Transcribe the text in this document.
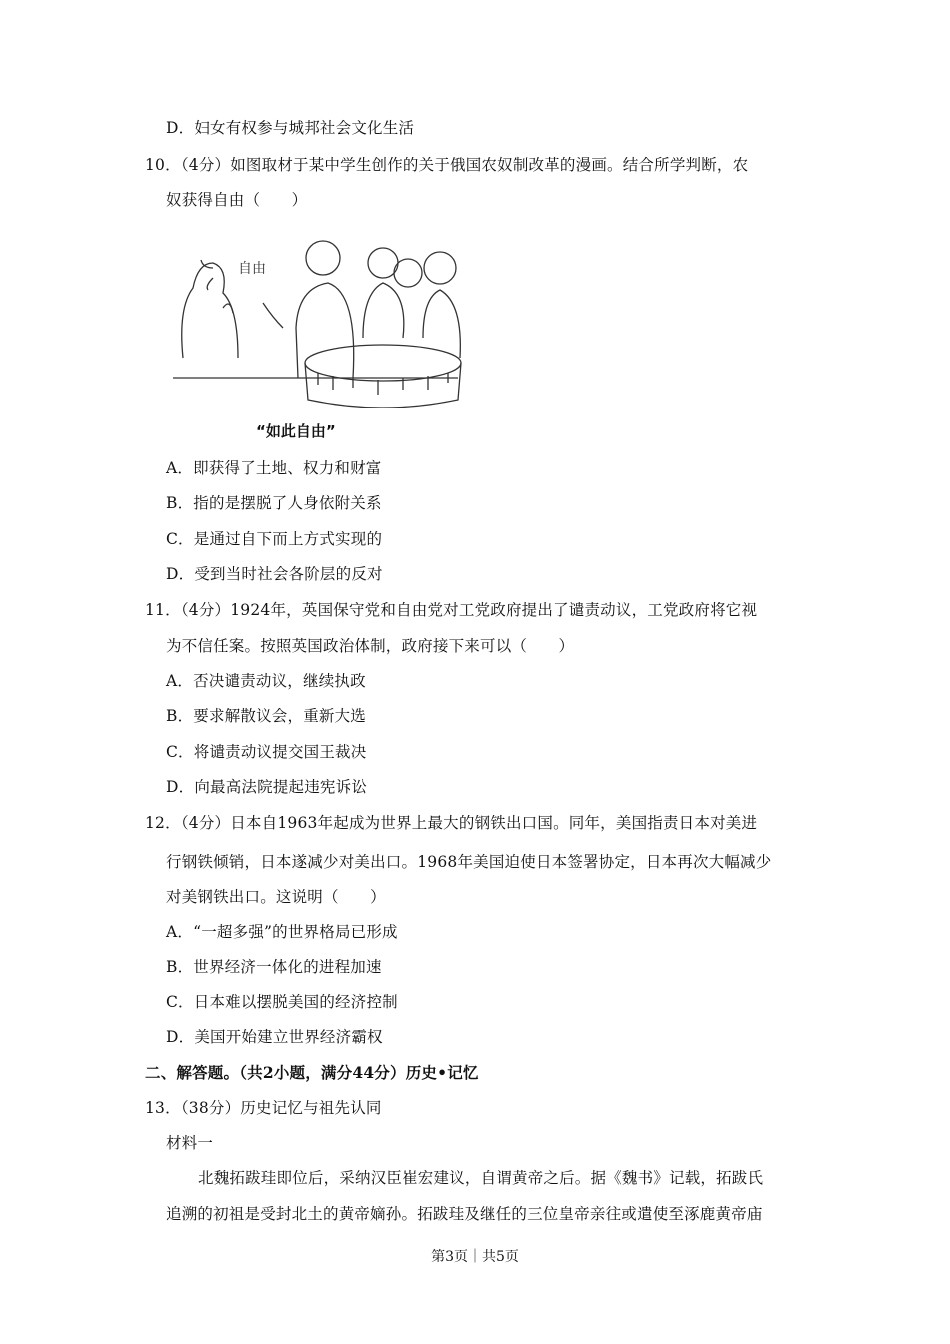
D．妇女有权参与城邦社会文化生活
10．（4分）如图取材于某中学生创作的关于俄国农奴制改革的漫画。结合所学判断，农
奴获得自由（　　）
自由
“如此自由”
A．即获得了土地、权力和财富
B．指的是摆脱了人身依附关系
C．是通过自下而上方式实现的
D．受到当时社会各阶层的反对
11．（4分）1924年，英国保守党和自由党对工党政府提出了谴责动议，工党政府将它视
为不信任案。按照英国政治体制，政府接下来可以（　　）
A．否决谴责动议，继续执政
B．要求解散议会，重新大选
C．将谴责动议提交国王裁决
D．向最高法院提起违宪诉讼
12．（4分）日本自1963年起成为世界上最大的钢铁出口国。同年，美国指责日本对美进
行钢铁倾销，日本遂减少对美出口。1968年美国迫使日本签署协定，日本再次大幅减少
对美钢铁出口。这说明（　　）
A．“一超多强”的世界格局已形成
B．世界经济一体化的进程加速
C．日本难以摆脱美国的经济控制
D．美国开始建立世界经济霸权
二、解答题。（共2小题，满分44分）历史•记忆
13．（38分）历史记忆与祖先认同
材料一
北魏拓跋珪即位后，采纳汉臣崔宏建议，自谓黄帝之后。据《魏书》记载，拓跋氏
追溯的初祖是受封北土的黄帝嫡孙。拓跋珪及继任的三位皇帝亲往或遣使至涿鹿黄帝庙
第3页｜共5页
